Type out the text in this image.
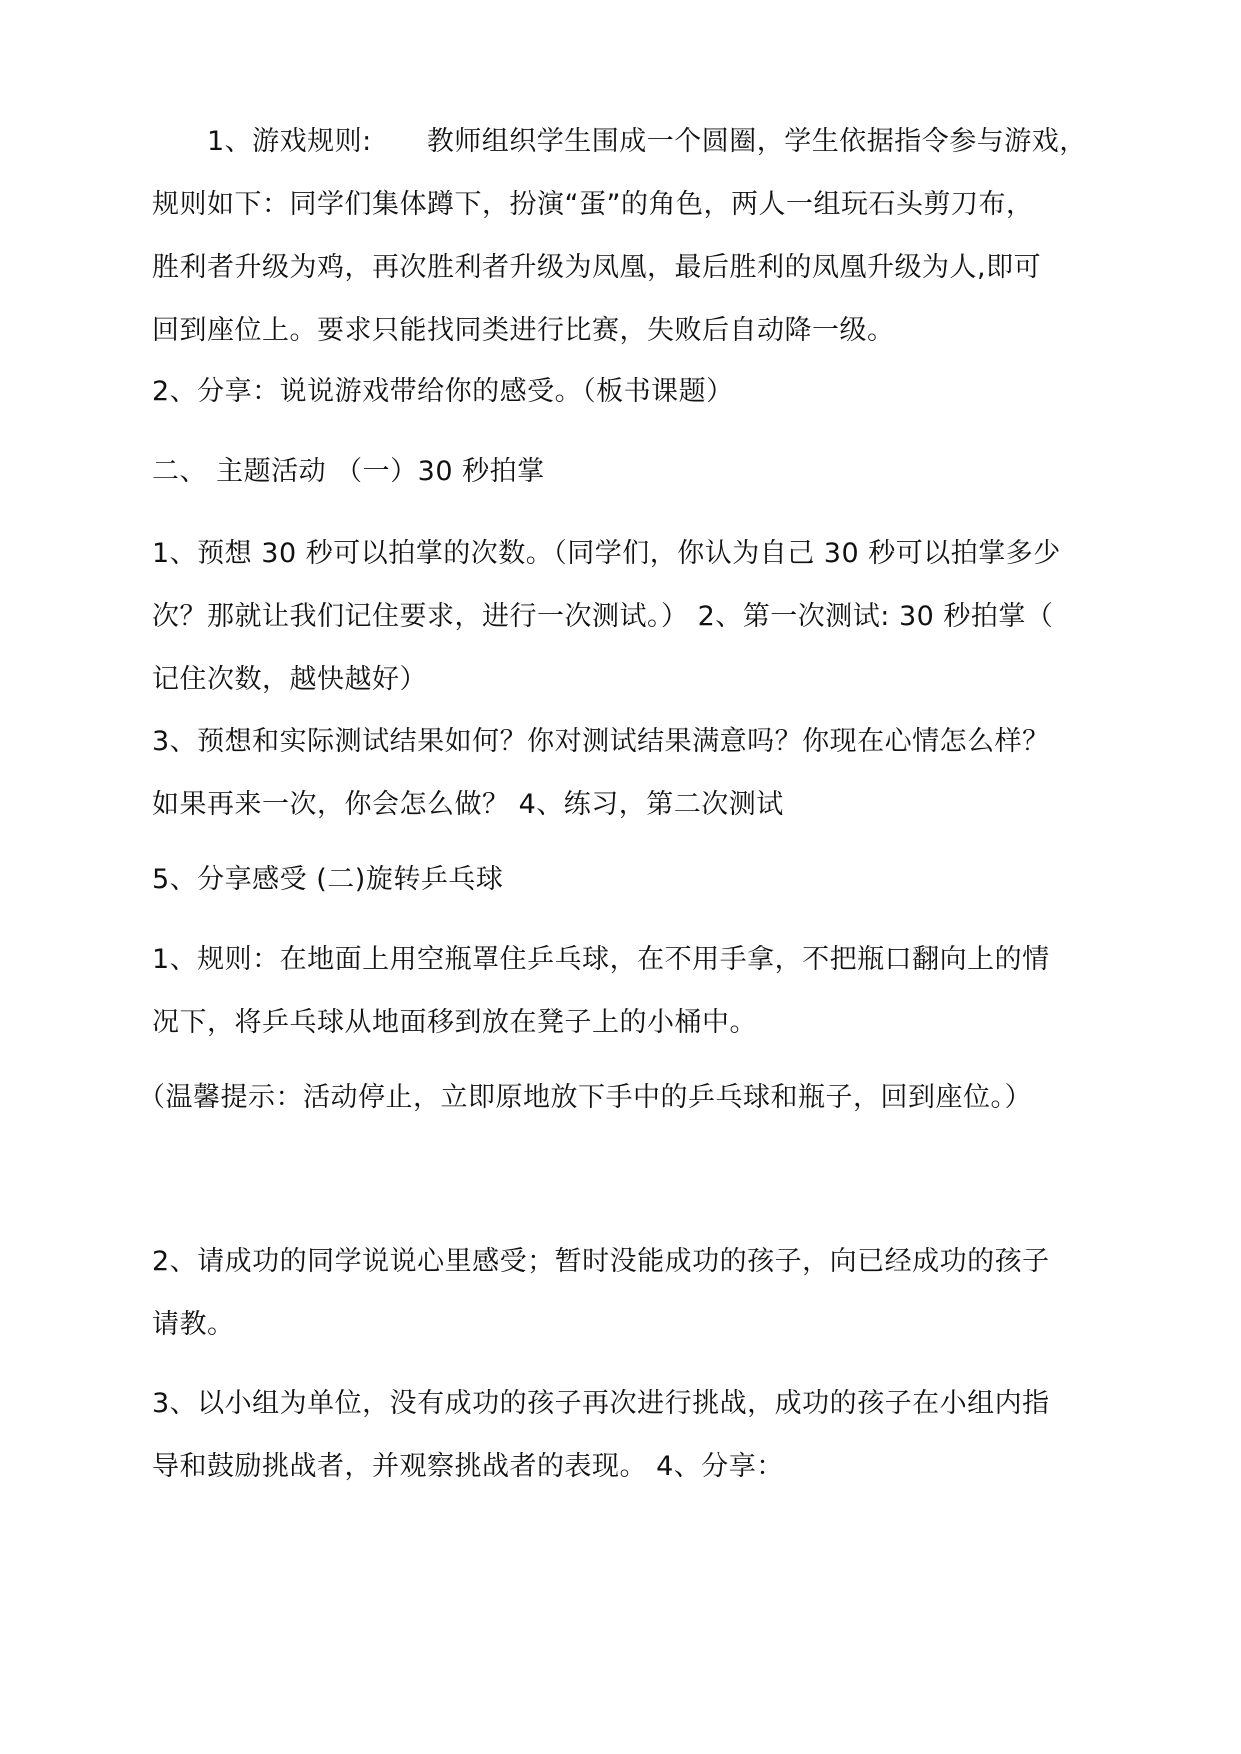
　　1、游戏规则:　　教师组织学生围成一个圆圈，学生依据指令参与游戏，
规则如下：同学们集体蹲下，扮演“蛋”的角色，两人一组玩石头剪刀布，
胜利者升级为鸡，再次胜利者升级为凤凰，最后胜利的凤凰升级为人,即可
回到座位上。要求只能找同类进行比赛，失败后自动降一级。
2、分享：说说游戏带给你的感受。（板书课题）
二、 主题活动 （一）30 秒拍掌
1、预想 30 秒可以拍掌的次数。（同学们，你认为自己 30 秒可以拍掌多少
次？那就让我们记住要求，进行一次测试。） 2、第一次测试: 30 秒拍掌（
记住次数，越快越好）
3、预想和实际测试结果如何？你对测试结果满意吗？你现在心情怎么样？
如果再来一次，你会怎么做？ 4、练习，第二次测试
5、分享感受 (二)旋转乒乓球
1、规则：在地面上用空瓶罩住乒乓球，在不用手拿，不把瓶口翻向上的情
况下，将乒乓球从地面移到放在凳子上的小桶中。
（温馨提示：活动停止，立即原地放下手中的乒乓球和瓶子，回到座位。）
2、请成功的同学说说心里感受；暂时没能成功的孩子，向已经成功的孩子
请教。
3、以小组为单位，没有成功的孩子再次进行挑战，成功的孩子在小组内指
导和鼓励挑战者，并观察挑战者的表现。 4、分享：
